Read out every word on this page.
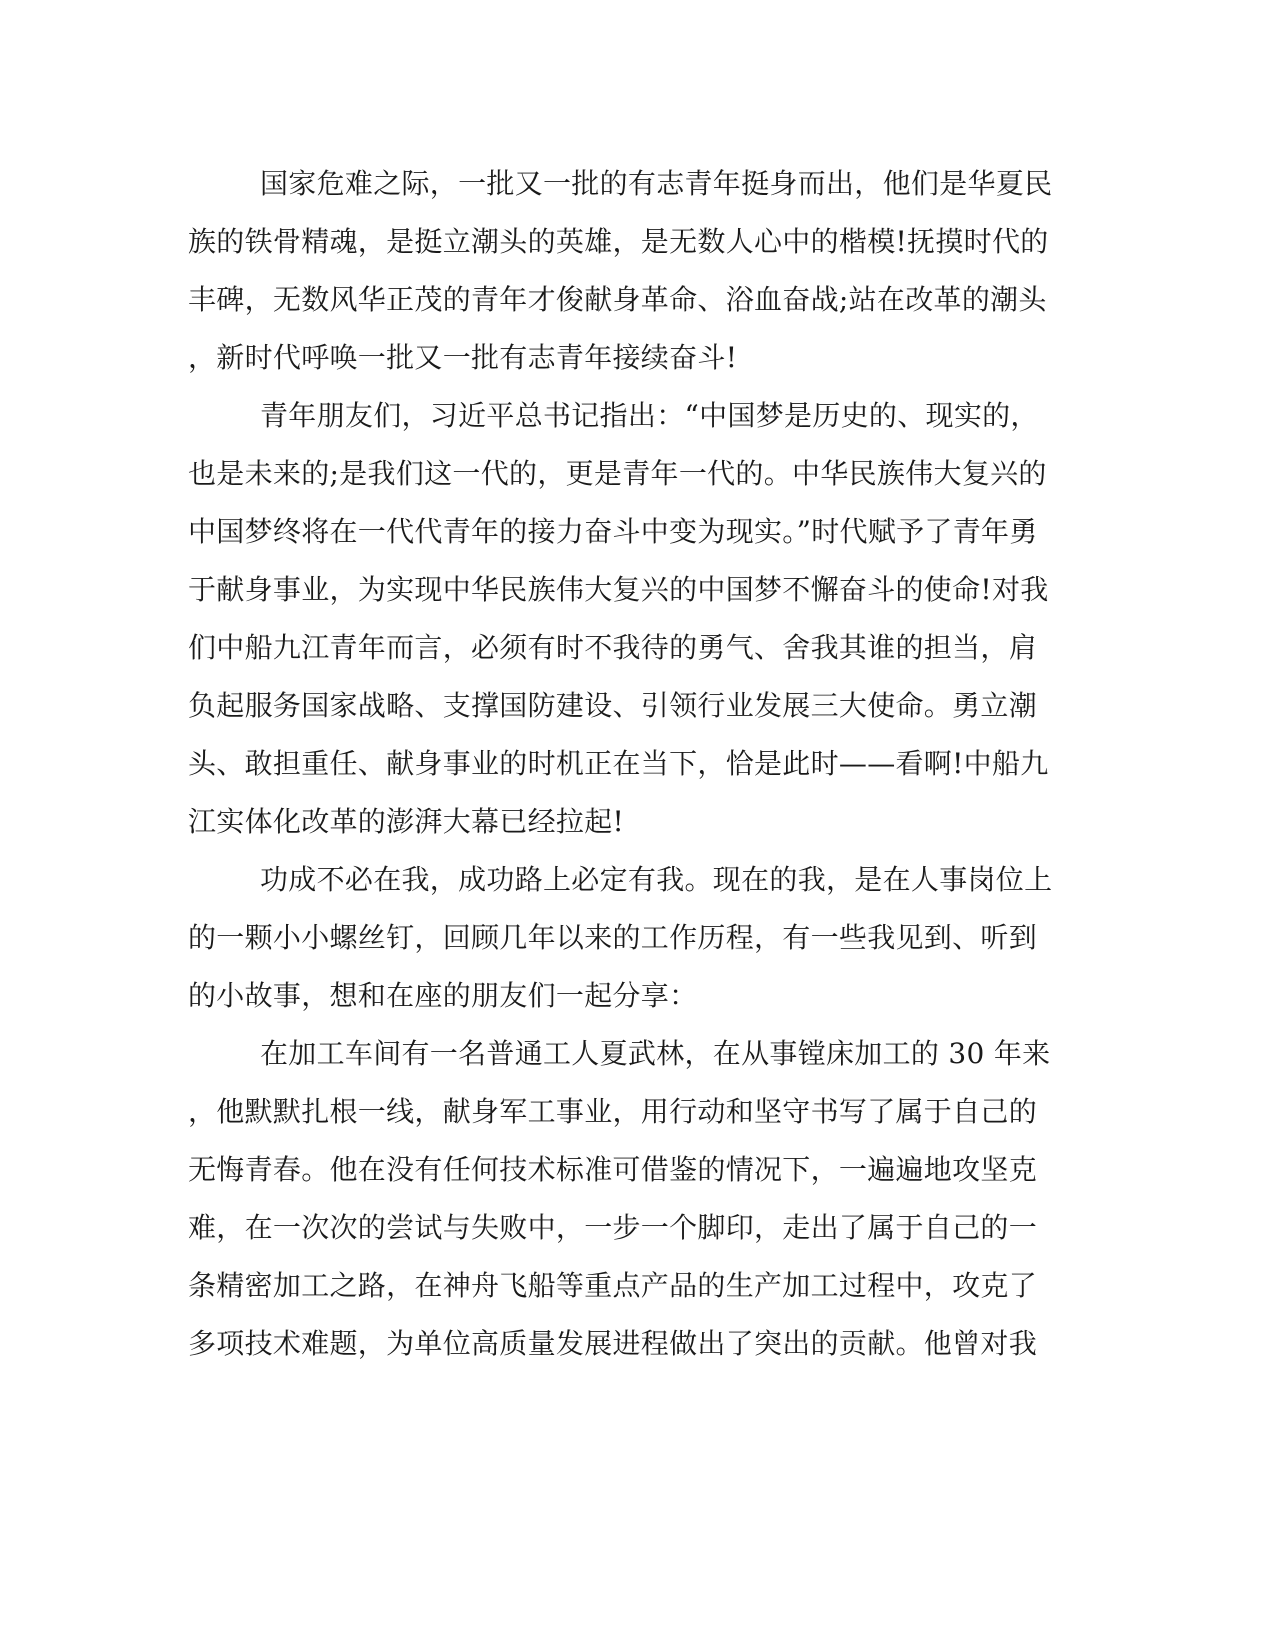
国家危难之际，一批又一批的有志青年挺身而出，他们是华夏民

族的铁骨精魂，是挺立潮头的英雄，是无数人心中的楷模!抚摸时代的

丰碑，无数风华正茂的青年才俊献身革命、浴血奋战;站在改革的潮头

，新时代呼唤一批又一批有志青年接续奋斗!

青年朋友们，习近平总书记指出：“中国梦是历史的、现实的，

也是未来的;是我们这一代的，更是青年一代的。中华民族伟大复兴的

中国梦终将在一代代青年的接力奋斗中变为现实。”时代赋予了青年勇

于献身事业，为实现中华民族伟大复兴的中国梦不懈奋斗的使命!对我

们中船九江青年而言，必须有时不我待的勇气、舍我其谁的担当，肩

负起服务国家战略、支撑国防建设、引领行业发展三大使命。勇立潮

头、敢担重任、献身事业的时机正在当下，恰是此时——看啊!中船九

江实体化改革的澎湃大幕已经拉起!

功成不必在我，成功路上必定有我。现在的我，是在人事岗位上

的一颗小小螺丝钉，回顾几年以来的工作历程，有一些我见到、听到

的小故事，想和在座的朋友们一起分享：

在加工车间有一名普通工人夏武林，在从事镗床加工的 30 年来

，他默默扎根一线，献身军工事业，用行动和坚守书写了属于自己的

无悔青春。他在没有任何技术标准可借鉴的情况下，一遍遍地攻坚克

难，在一次次的尝试与失败中，一步一个脚印，走出了属于自己的一

条精密加工之路，在神舟飞船等重点产品的生产加工过程中，攻克了

多项技术难题，为单位高质量发展进程做出了突出的贡献。他曾对我
